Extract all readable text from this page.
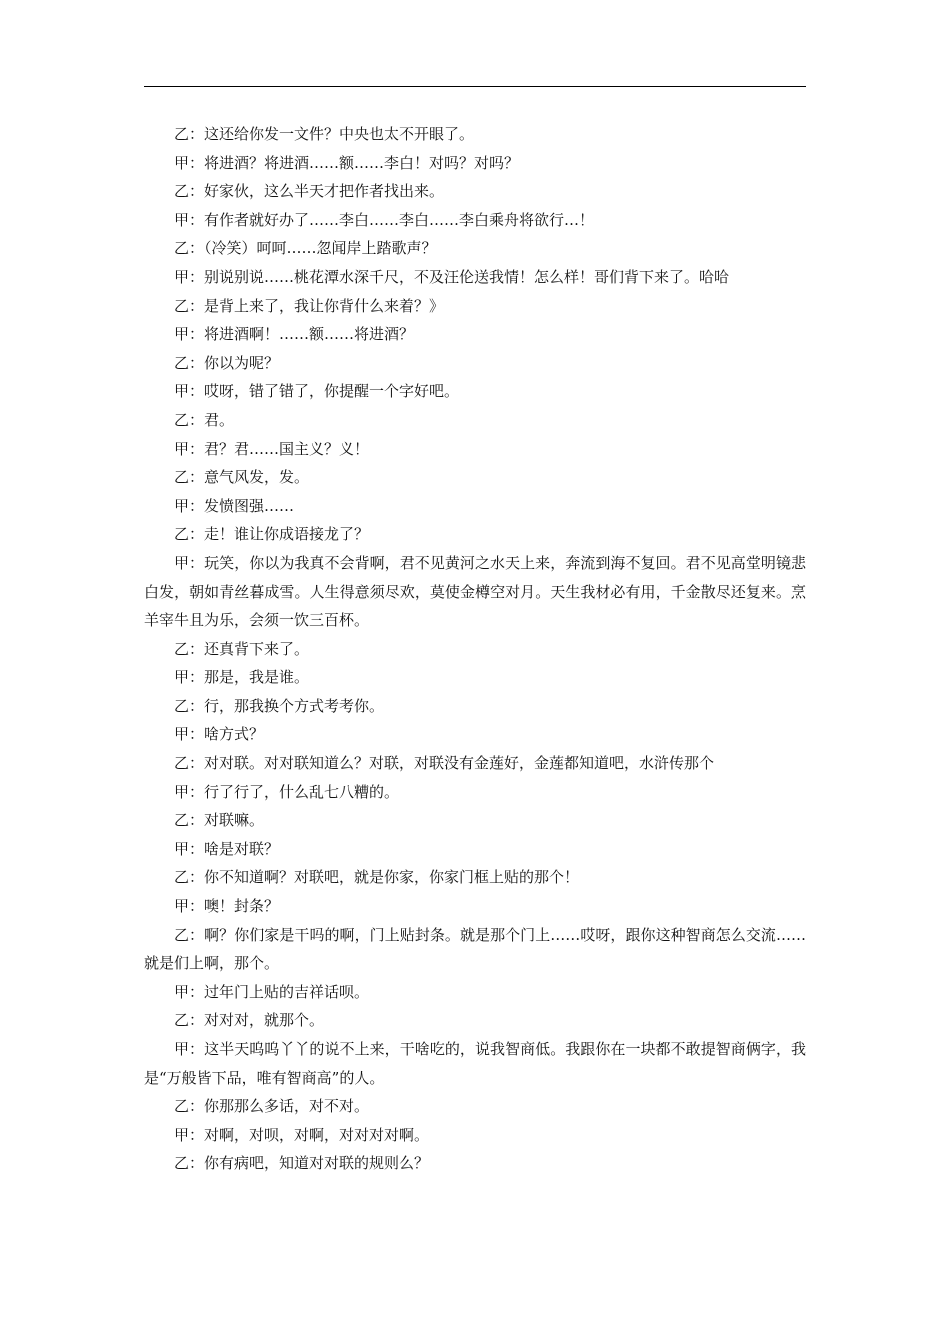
乙：这还给你发一文件？中央也太不开眼了。

甲：将进酒？将进酒……额……李白！对吗？对吗？

乙：好家伙，这么半天才把作者找出来。

甲：有作者就好办了……李白……李白……李白乘舟将欲行…！

乙：（冷笑）呵呵……忽闻岸上踏歌声？

甲：别说别说……桃花潭水深千尺，不及汪伦送我情！怎么样！哥们背下来了。哈哈

乙：是背上来了，我让你背什么来着？》

甲：将进酒啊！……额……将进酒？

乙：你以为呢？

甲：哎呀，错了错了，你提醒一个字好吧。

乙：君。

甲：君？君……国主义？义！

乙：意气风发，发。

甲：发愤图强……

乙：走！谁让你成语接龙了？

甲：玩笑，你以为我真不会背啊，君不见黄河之水天上来，奔流到海不复回。君不见高堂明镜悲白发，朝如青丝暮成雪。人生得意须尽欢，莫使金樽空对月。天生我材必有用，千金散尽还复来。烹羊宰牛且为乐，会须一饮三百杯。

乙：还真背下来了。

甲：那是，我是谁。

乙：行，那我换个方式考考你。

甲：啥方式？

乙：对对联。对对联知道么？对联，对联没有金莲好，金莲都知道吧，水浒传那个

甲：行了行了，什么乱七八糟的。

乙：对联嘛。

甲：啥是对联？

乙：你不知道啊？对联吧，就是你家，你家门框上贴的那个！

甲：噢！封条？

乙：啊？你们家是干吗的啊，门上贴封条。就是那个门上……哎呀，跟你这种智商怎么交流……就是们上啊，那个。

甲：过年门上贴的吉祥话呗。

乙：对对对，就那个。

甲：这半天呜呜丫丫的说不上来，干啥吃的，说我智商低。我跟你在一块都不敢提智商俩字，我是“万般皆下品，唯有智商高”的人。

乙：你那那么多话，对不对。

甲：对啊，对呗，对啊，对对对对啊。

乙：你有病吧，知道对对联的规则么？
